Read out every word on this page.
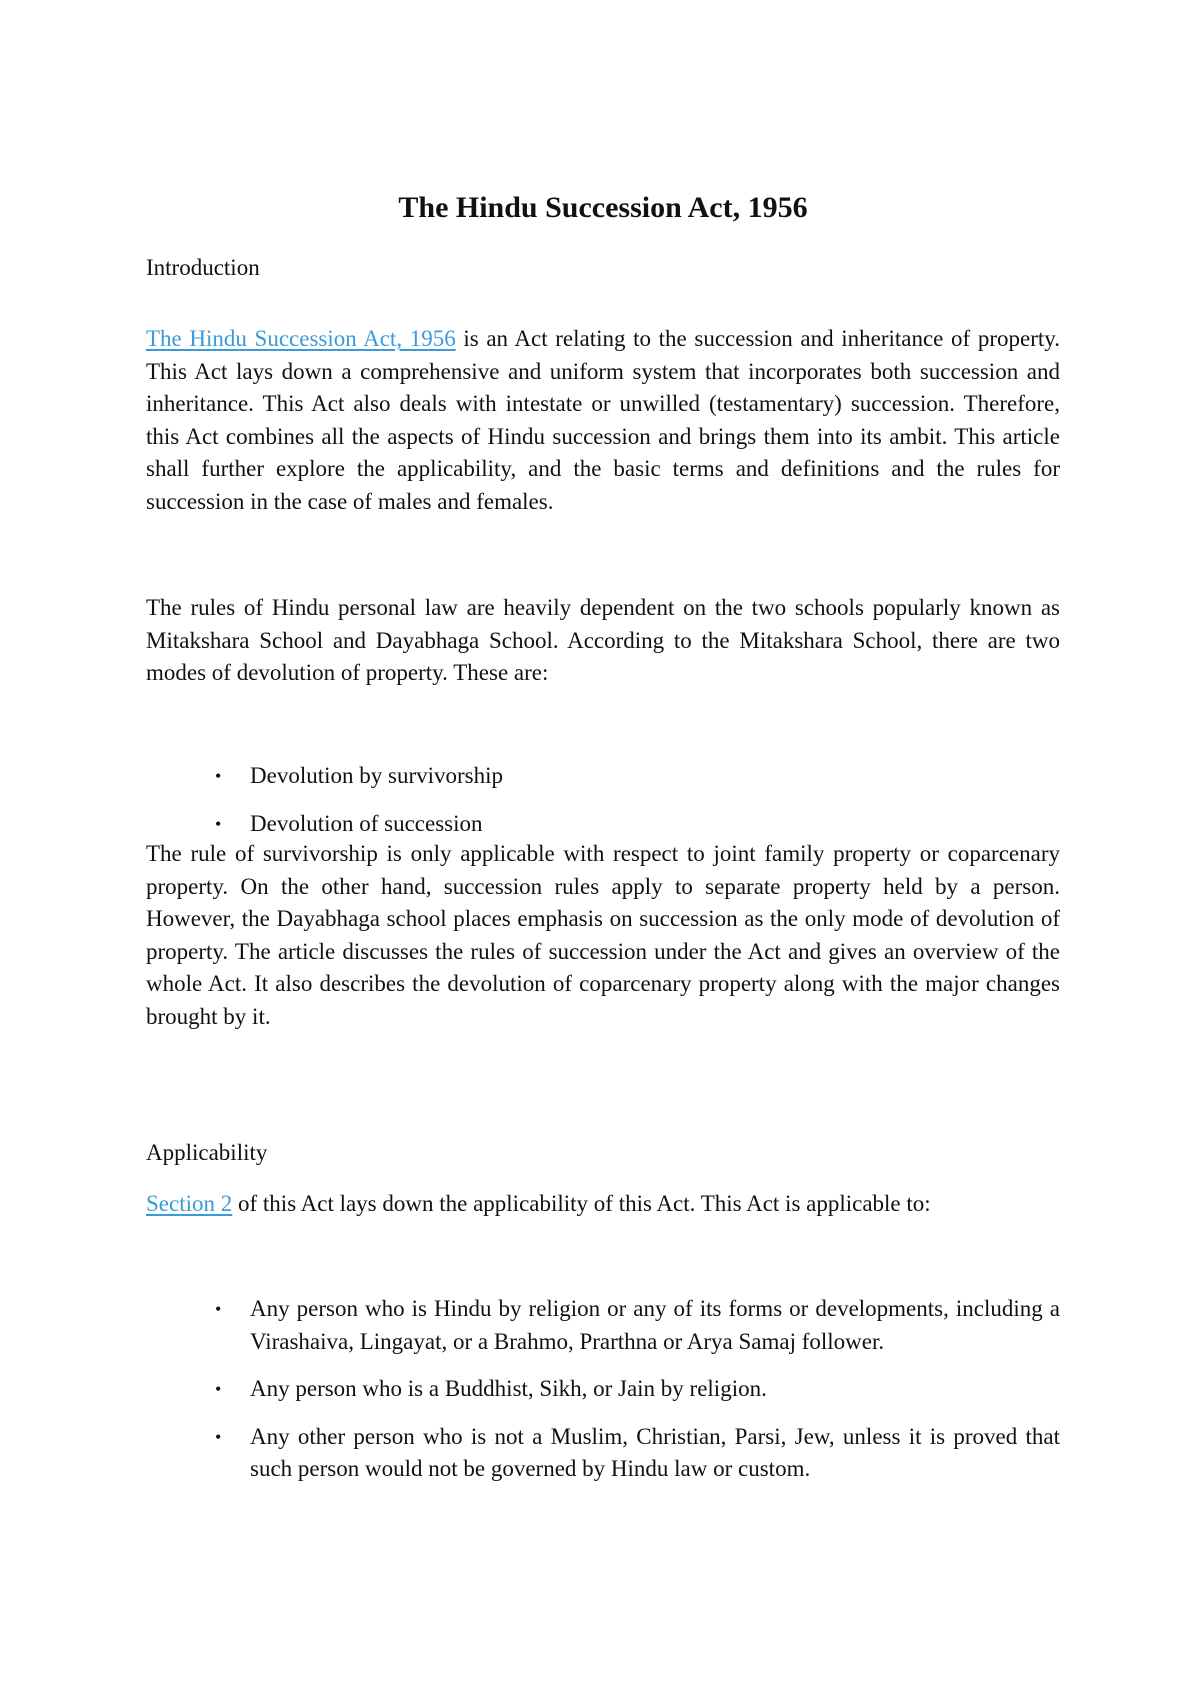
The Hindu Succession Act, 1956
Introduction

The Hindu Succession Act, 1956 is an Act relating to the succession and inheritance of property. This Act lays down a comprehensive and uniform system that incorporates both succession and inheritance. This Act also deals with intestate or unwilled (testamentary) succession. Therefore, this Act combines all the aspects of Hindu succession and brings them into its ambit. This article shall further explore the applicability, and the basic terms and definitions and the rules for succession in the case of males and females.

The rules of Hindu personal law are heavily dependent on the two schools popularly known as Mitakshara School and Dayabhaga School. According to the Mitakshara School, there are two modes of devolution of property. These are:

• Devolution by survivorship
• Devolution of succession

The rule of survivorship is only applicable with respect to joint family property or coparcenary property. On the other hand, succession rules apply to separate property held by a person. However, the Dayabhaga school places emphasis on succession as the only mode of devolution of property. The article discusses the rules of succession under the Act and gives an overview of the whole Act. It also describes the devolution of coparcenary property along with the major changes brought by it.

Applicability

Section 2 of this Act lays down the applicability of this Act. This Act is applicable to:

• Any person who is Hindu by religion or any of its forms or developments, including a Virashaiva, Lingayat, or a Brahmo, Prarthna or Arya Samaj follower.
• Any person who is a Buddhist, Sikh, or Jain by religion.
• Any other person who is not a Muslim, Christian, Parsi, Jew, unless it is proved that such person would not be governed by Hindu law or custom.
